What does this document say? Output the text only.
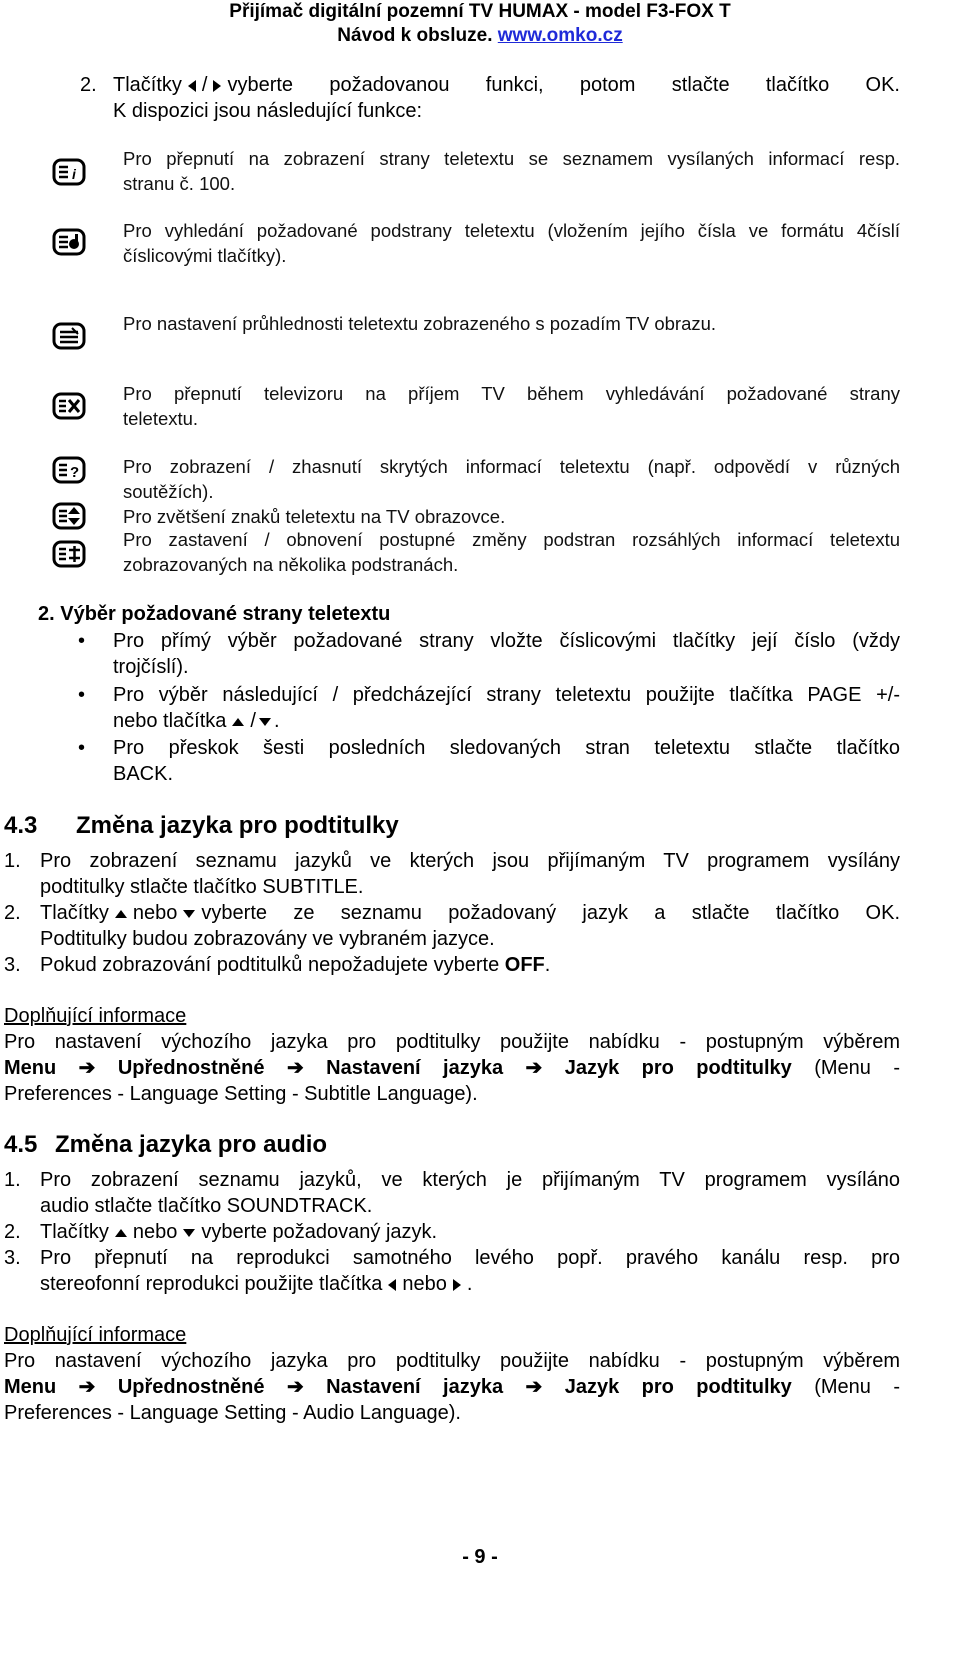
Přijímač digitální pozemní TV HUMAX - model F3-FOX T
Návod k obsluze. www.omko.cz
2. Tlačítky / vyberte požadovanou funkci, potom stlačte tlačítko OK.
K dispozici jsou následující funkce:
i
?
Pro přepnutí na zobrazení strany teletextu se seznamem vysílaných informací resp.
stranu č. 100.
Pro vyhledání požadované podstrany teletextu (vložením jejího čísla ve formátu 4číslí
číslicovými tlačítky).
Pro nastavení průhlednosti teletextu zobrazeného s pozadím TV obrazu.
Pro přepnutí televizoru na příjem TV během vyhledávání požadované strany
teletextu.
Pro zobrazení / zhasnutí skrytých informací teletextu (např. odpovědí v různých
soutěžích).
Pro zvětšení znaků teletextu na TV obrazovce.
Pro zastavení / obnovení postupné změny podstran rozsáhlých informací teletextu
zobrazovaných na několika podstranách.
2. Výběr požadované strany teletextu
• Pro přímý výběr požadované strany vložte číslicovými tlačítky její číslo (vždy
trojčíslí).
• Pro výběr následující / předcházející strany teletextu použijte tlačítka PAGE +/-
nebo tlačítka / .
• Pro přeskok šesti posledních sledovaných stran teletextu stlačte tlačítko
BACK.
4.3 Změna jazyka pro podtitulky
1. Pro zobrazení seznamu jazyků ve kterých jsou přijímaným TV programem vysílány
podtitulky stlačte tlačítko SUBTITLE.
2. Tlačítky nebo vyberte ze seznamu požadovaný jazyk a stlačte tlačítko OK.
Podtitulky budou zobrazovány ve vybraném jazyce.
3. Pokud zobrazování podtitulků nepožadujete vyberte OFF.
Doplňující informace
Pro nastavení výchozího jazyka pro podtitulky použijte nabídku - postupným výběrem
Menu ➔ Upřednostněné ➔ Nastavení jazyka ➔ Jazyk pro podtitulky (Menu -
Preferences - Language Setting - Subtitle Language).
4.5 Změna jazyka pro audio
1. Pro zobrazení seznamu jazyků, ve kterých je přijímaným TV programem vysíláno
audio stlačte tlačítko SOUNDTRACK.
2. Tlačítky nebo vyberte požadovaný jazyk.
3. Pro přepnutí na reprodukci samotného levého popř. pravého kanálu resp. pro
stereofonní reprodukci použijte tlačítka nebo .
Doplňující informace
Pro nastavení výchozího jazyka pro podtitulky použijte nabídku - postupným výběrem
Menu ➔ Upřednostněné ➔ Nastavení jazyka ➔ Jazyk pro podtitulky (Menu -
Preferences - Language Setting - Audio Language).
- 9 -
